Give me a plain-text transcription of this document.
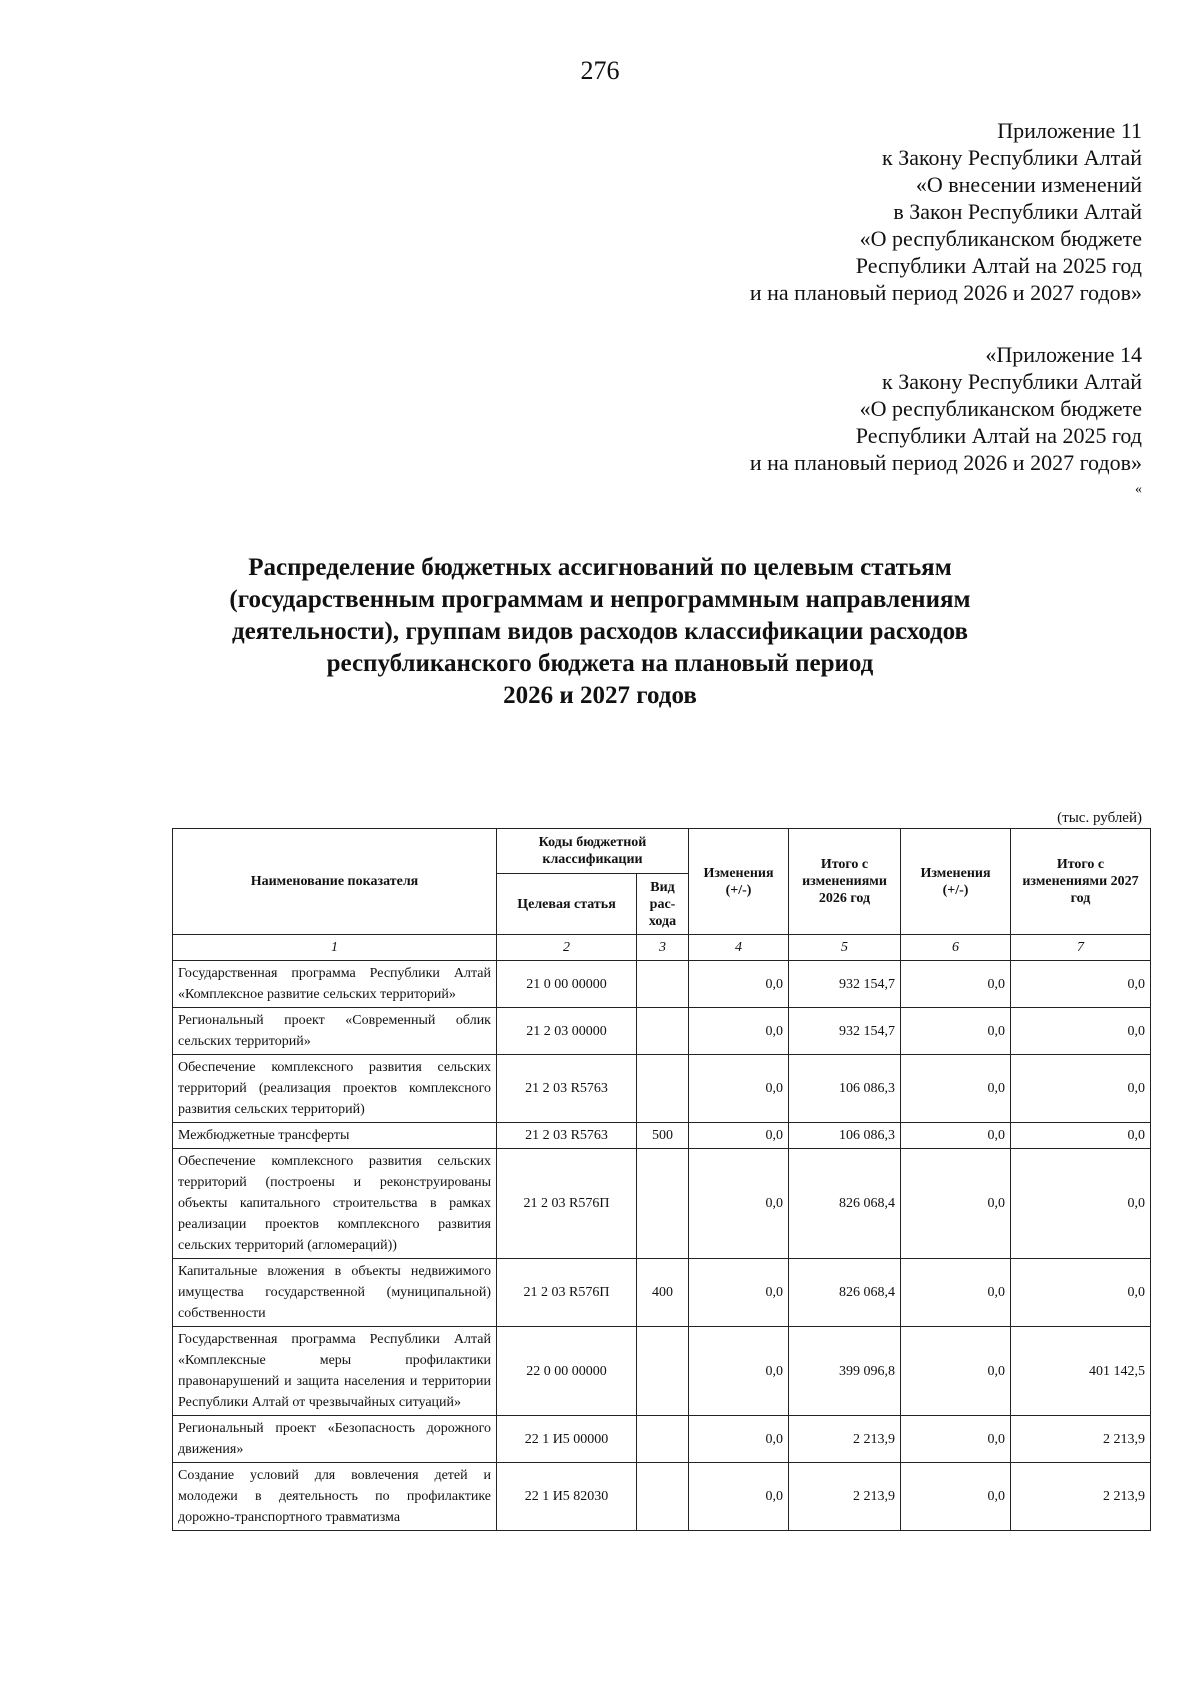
276
Приложение 11
к Закону Республики Алтай
«О внесении изменений
в Закон Республики Алтай
«О республиканском бюджете
Республики Алтай на 2025 год
и на плановый период 2026 и 2027 годов»
«Приложение 14
к Закону Республики Алтай
«О республиканском бюджете
Республики Алтай на 2025 год
и на плановый период 2026 и 2027 годов»
«
Распределение бюджетных ассигнований по целевым статьям
(государственным программам и непрограммным направлениям
деятельности), группам видов расходов классификации расходов
республиканского бюджета на плановый период
2026 и 2027 годов
(тыс. рублей)
Наименование показателя	Коды бюджетной классификации		Изменения (+/-)	Итого с изменениями 2026 год	Изменения (+/-)	Итого с изменениями 2027 год
	Целевая статья	Вид рас-хода				
1	2	3	4	5	6	7
Государственная программа Республики Алтай «Комплексное развитие сельских территорий»	21 0 00 00000		0,0	932 154,7	0,0	0,0
Региональный проект «Современный облик сельских территорий»	21 2 03 00000		0,0	932 154,7	0,0	0,0
Обеспечение комплексного развития сельских территорий (реализация проектов комплексного развития сельских территорий)	21 2 03 R5763		0,0	106 086,3	0,0	0,0
Межбюджетные трансферты	21 2 03 R5763	500	0,0	106 086,3	0,0	0,0
Обеспечение комплексного развития сельских территорий (построены и реконструированы объекты капитального строительства в рамках реализации проектов комплексного развития сельских территорий (агломераций))	21 2 03 R576П		0,0	826 068,4	0,0	0,0
Капитальные вложения в объекты недвижимого имущества государственной (муниципальной) собственности	21 2 03 R576П	400	0,0	826 068,4	0,0	0,0
Государственная программа Республики Алтай «Комплексные меры профилактики правонарушений и защита населения и территории Республики Алтай от чрезвычайных ситуаций»	22 0 00 00000		0,0	399 096,8	0,0	401 142,5
Региональный проект «Безопасность дорожного движения»	22 1 И5 00000		0,0	2 213,9	0,0	2 213,9
Создание условий для вовлечения детей и молодежи в деятельность по профилактике дорожно-транспортного травматизма	22 1 И5 82030		0,0	2 213,9	0,0	2 213,9
